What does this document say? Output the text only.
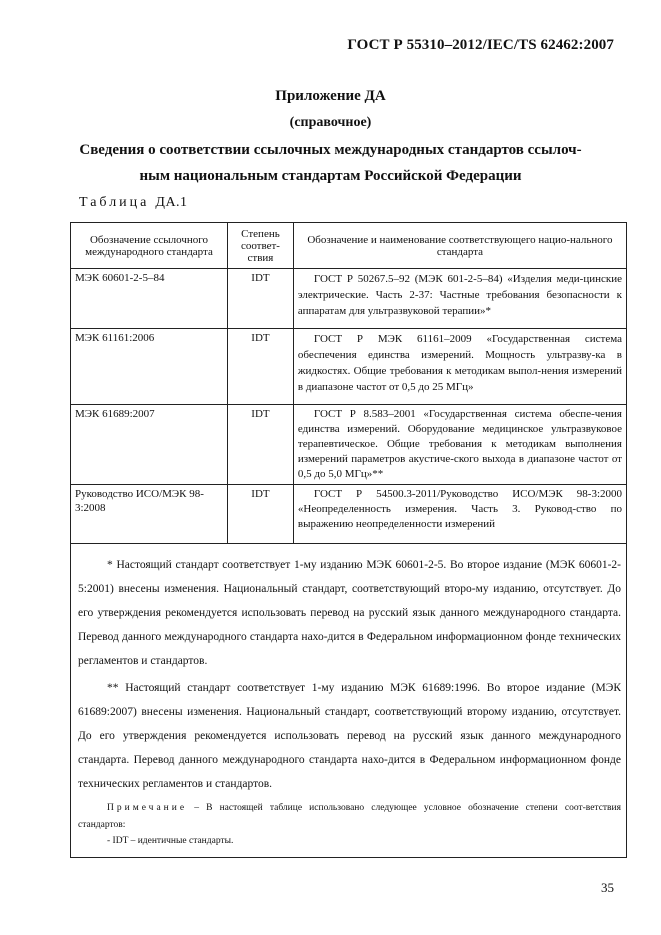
ГОСТ Р 55310–2012/IEC/TS 62462:2007
Приложение ДА
(справочное)
Сведения о соответствии ссылочных международных стандартов ссылоч-
ным национальным стандартам Российской Федерации
Таблица ДА.1
Обозначение ссылочного международного стандарта	Степень соответ-ствия	Обозначение и наименование соответствующего нацио-нального стандарта
МЭК 60601-2-5–84	IDT	ГОСТ Р 50267.5–92 (МЭК 601-2-5–84) «Изделия меди-цинские электрические. Часть 2-37: Частные требования безопасности к аппаратам для ультразвуковой терапии»*
МЭК 61161:2006	IDT	ГОСТ Р МЭК 61161–2009 «Государственная система обеспечения единства измерений. Мощность ультразву-ка в жидкостях. Общие требования к методикам выпол-нения измерений в диапазоне частот от 0,5 до 25 МГц»
МЭК 61689:2007	IDT	ГОСТ Р 8.583–2001 «Государственная система обеспе-чения единства измерений. Оборудование медицинское ультразвуковое терапевтическое. Общие требования к методикам выполнения измерений параметров акустиче-ского выхода в диапазоне частот от 0,5 до 5,0 МГц»**
Руководство ИСО/МЭК 98-3:2008	IDT	ГОСТ Р 54500.3-2011/Руководство ИСО/МЭК 98-3:2000 «Неопределенность измерения. Часть 3. Руковод-ство по выражению неопределенности измерений
* Настоящий стандарт соответствует 1-му изданию МЭК 60601-2-5. Во второе издание (МЭК 60601-2-5:2001) внесены изменения. Национальный стандарт, соответствующий второ-му изданию, отсутствует. До его утверждения рекомендуется использовать перевод на русский язык данного международного стандарта. Перевод данного международного стандарта нахо-дится в Федеральном информационном фонде технических регламентов и стандартов.
** Настоящий стандарт соответствует 1-му изданию МЭК 61689:1996. Во второе издание (МЭК 61689:2007) внесены изменения. Национальный стандарт, соответствующий второму изданию, отсутствует. До его утверждения рекомендуется использовать перевод на русский язык данного международного стандарта. Перевод данного международного стандарта нахо-дится в Федеральном информационном фонде технических регламентов и стандартов.
Примечание – В настоящей таблице использовано следующее условное обозначение степени соот-ветствия стандартов:
- IDT – идентичные стандарты.
35
